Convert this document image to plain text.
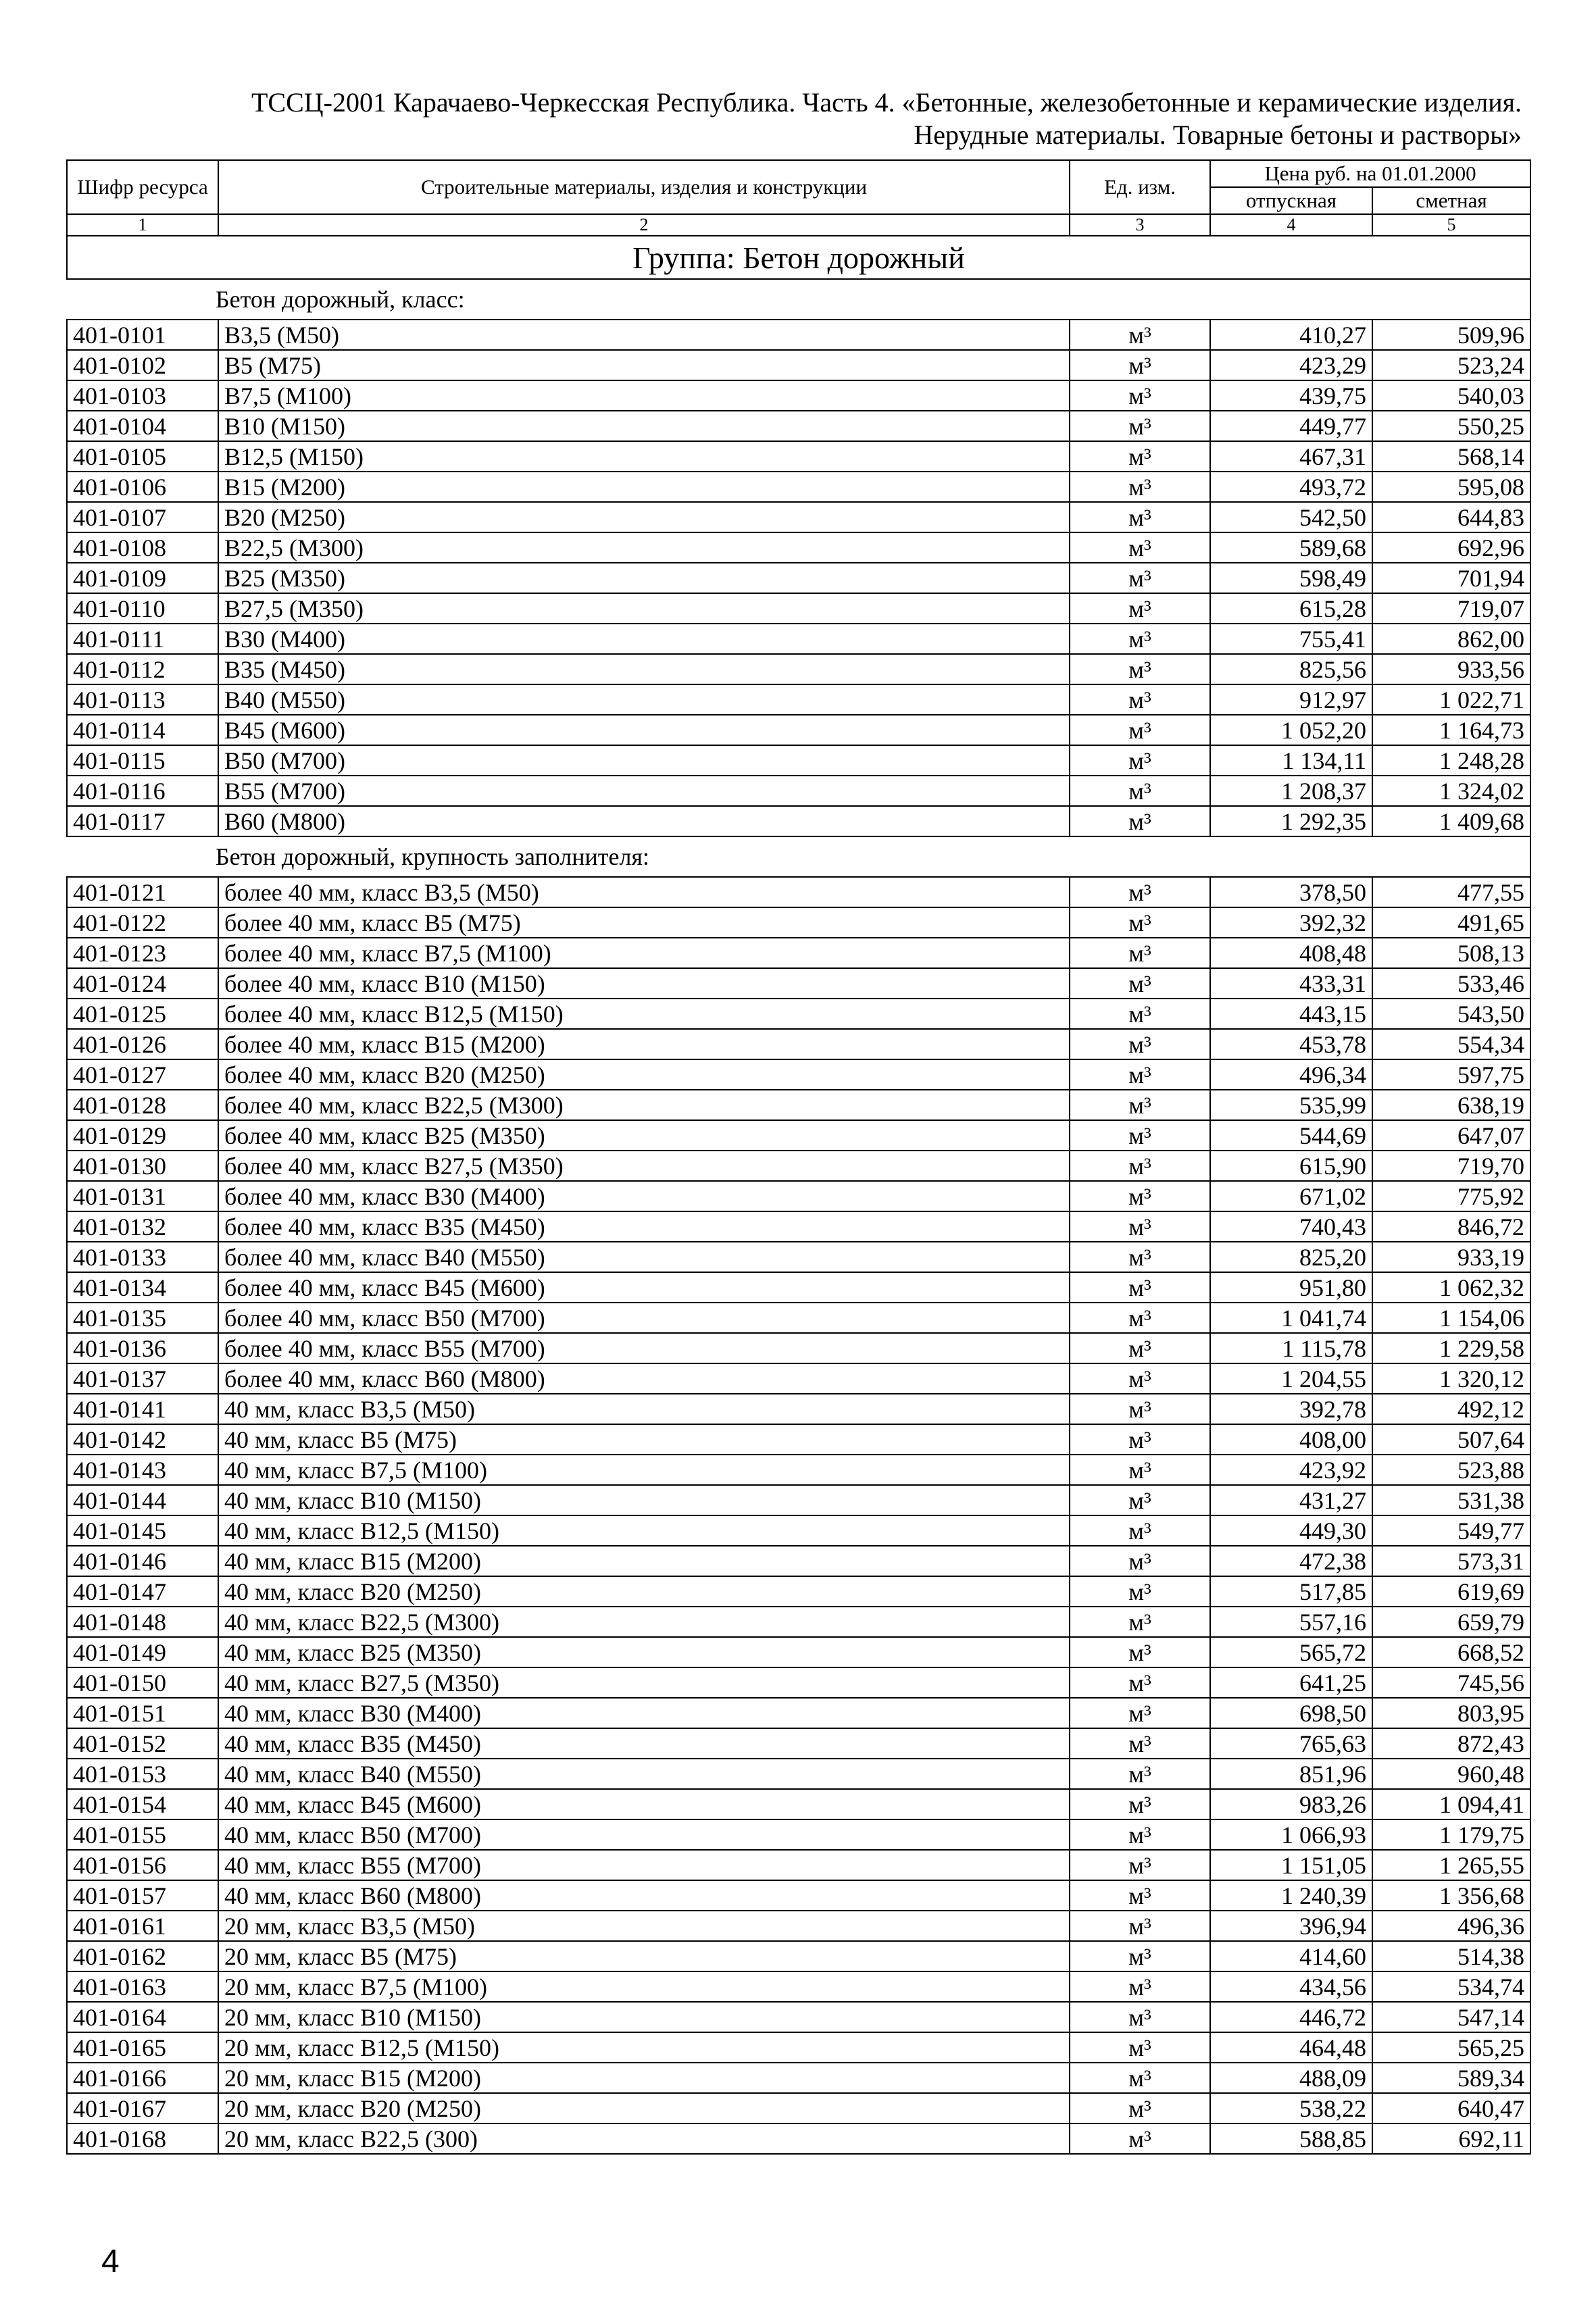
ТССЦ-2001 Карачаево-Черкесская Республика. Часть 4. «Бетонные, железобетонные и керамические изделия.
Нерудные материалы. Товарные бетоны и растворы»
Шифр ресурса	Строительные материалы, изделия и конструкции	Ед. изм.	Цена руб. на 01.01.2000	
			отпускная	сметная
1	2	3	4	5
Группа: Бетон дорожный				
Бетон дорожный, класс:				
401-0101	В3,5 (М50)	м³	410,27	509,96
401-0102	В5 (М75)	м³	423,29	523,24
401-0103	В7,5 (М100)	м³	439,75	540,03
401-0104	В10 (М150)	м³	449,77	550,25
401-0105	В12,5 (М150)	м³	467,31	568,14
401-0106	В15 (М200)	м³	493,72	595,08
401-0107	В20 (М250)	м³	542,50	644,83
401-0108	В22,5 (М300)	м³	589,68	692,96
401-0109	В25 (М350)	м³	598,49	701,94
401-0110	В27,5 (М350)	м³	615,28	719,07
401-0111	В30 (М400)	м³	755,41	862,00
401-0112	В35 (М450)	м³	825,56	933,56
401-0113	В40 (М550)	м³	912,97	1 022,71
401-0114	В45 (М600)	м³	1 052,20	1 164,73
401-0115	В50 (М700)	м³	1 134,11	1 248,28
401-0116	В55 (М700)	м³	1 208,37	1 324,02
401-0117	В60 (М800)	м³	1 292,35	1 409,68
Бетон дорожный, крупность заполнителя:				
401-0121	более 40 мм, класс В3,5 (М50)	м³	378,50	477,55
401-0122	более 40 мм, класс В5 (М75)	м³	392,32	491,65
401-0123	более 40 мм, класс В7,5 (М100)	м³	408,48	508,13
401-0124	более 40 мм, класс В10 (М150)	м³	433,31	533,46
401-0125	более 40 мм, класс В12,5 (М150)	м³	443,15	543,50
401-0126	более 40 мм, класс В15 (М200)	м³	453,78	554,34
401-0127	более 40 мм, класс В20 (М250)	м³	496,34	597,75
401-0128	более 40 мм, класс В22,5 (М300)	м³	535,99	638,19
401-0129	более 40 мм, класс В25 (М350)	м³	544,69	647,07
401-0130	более 40 мм, класс В27,5 (М350)	м³	615,90	719,70
401-0131	более 40 мм, класс В30 (М400)	м³	671,02	775,92
401-0132	более 40 мм, класс В35 (М450)	м³	740,43	846,72
401-0133	более 40 мм, класс В40 (М550)	м³	825,20	933,19
401-0134	более 40 мм, класс В45 (М600)	м³	951,80	1 062,32
401-0135	более 40 мм, класс В50 (М700)	м³	1 041,74	1 154,06
401-0136	более 40 мм, класс В55 (М700)	м³	1 115,78	1 229,58
401-0137	более 40 мм, класс В60 (М800)	м³	1 204,55	1 320,12
401-0141	40 мм, класс В3,5 (М50)	м³	392,78	492,12
401-0142	40 мм, класс В5 (М75)	м³	408,00	507,64
401-0143	40 мм, класс В7,5 (М100)	м³	423,92	523,88
401-0144	40 мм, класс В10 (М150)	м³	431,27	531,38
401-0145	40 мм, класс В12,5 (М150)	м³	449,30	549,77
401-0146	40 мм, класс В15 (М200)	м³	472,38	573,31
401-0147	40 мм, класс В20 (М250)	м³	517,85	619,69
401-0148	40 мм, класс В22,5 (М300)	м³	557,16	659,79
401-0149	40 мм, класс В25 (М350)	м³	565,72	668,52
401-0150	40 мм, класс В27,5 (М350)	м³	641,25	745,56
401-0151	40 мм, класс В30 (М400)	м³	698,50	803,95
401-0152	40 мм, класс В35 (М450)	м³	765,63	872,43
401-0153	40 мм, класс В40 (М550)	м³	851,96	960,48
401-0154	40 мм, класс В45 (М600)	м³	983,26	1 094,41
401-0155	40 мм, класс В50 (М700)	м³	1 066,93	1 179,75
401-0156	40 мм, класс В55 (М700)	м³	1 151,05	1 265,55
401-0157	40 мм, класс В60 (М800)	м³	1 240,39	1 356,68
401-0161	20 мм, класс В3,5 (М50)	м³	396,94	496,36
401-0162	20 мм, класс В5 (М75)	м³	414,60	514,38
401-0163	20 мм, класс В7,5 (М100)	м³	434,56	534,74
401-0164	20 мм, класс В10 (М150)	м³	446,72	547,14
401-0165	20 мм, класс В12,5 (М150)	м³	464,48	565,25
401-0166	20 мм, класс В15 (М200)	м³	488,09	589,34
401-0167	20 мм, класс В20 (М250)	м³	538,22	640,47
401-0168	20 мм, класс В22,5 (300)	м³	588,85	692,11
4
